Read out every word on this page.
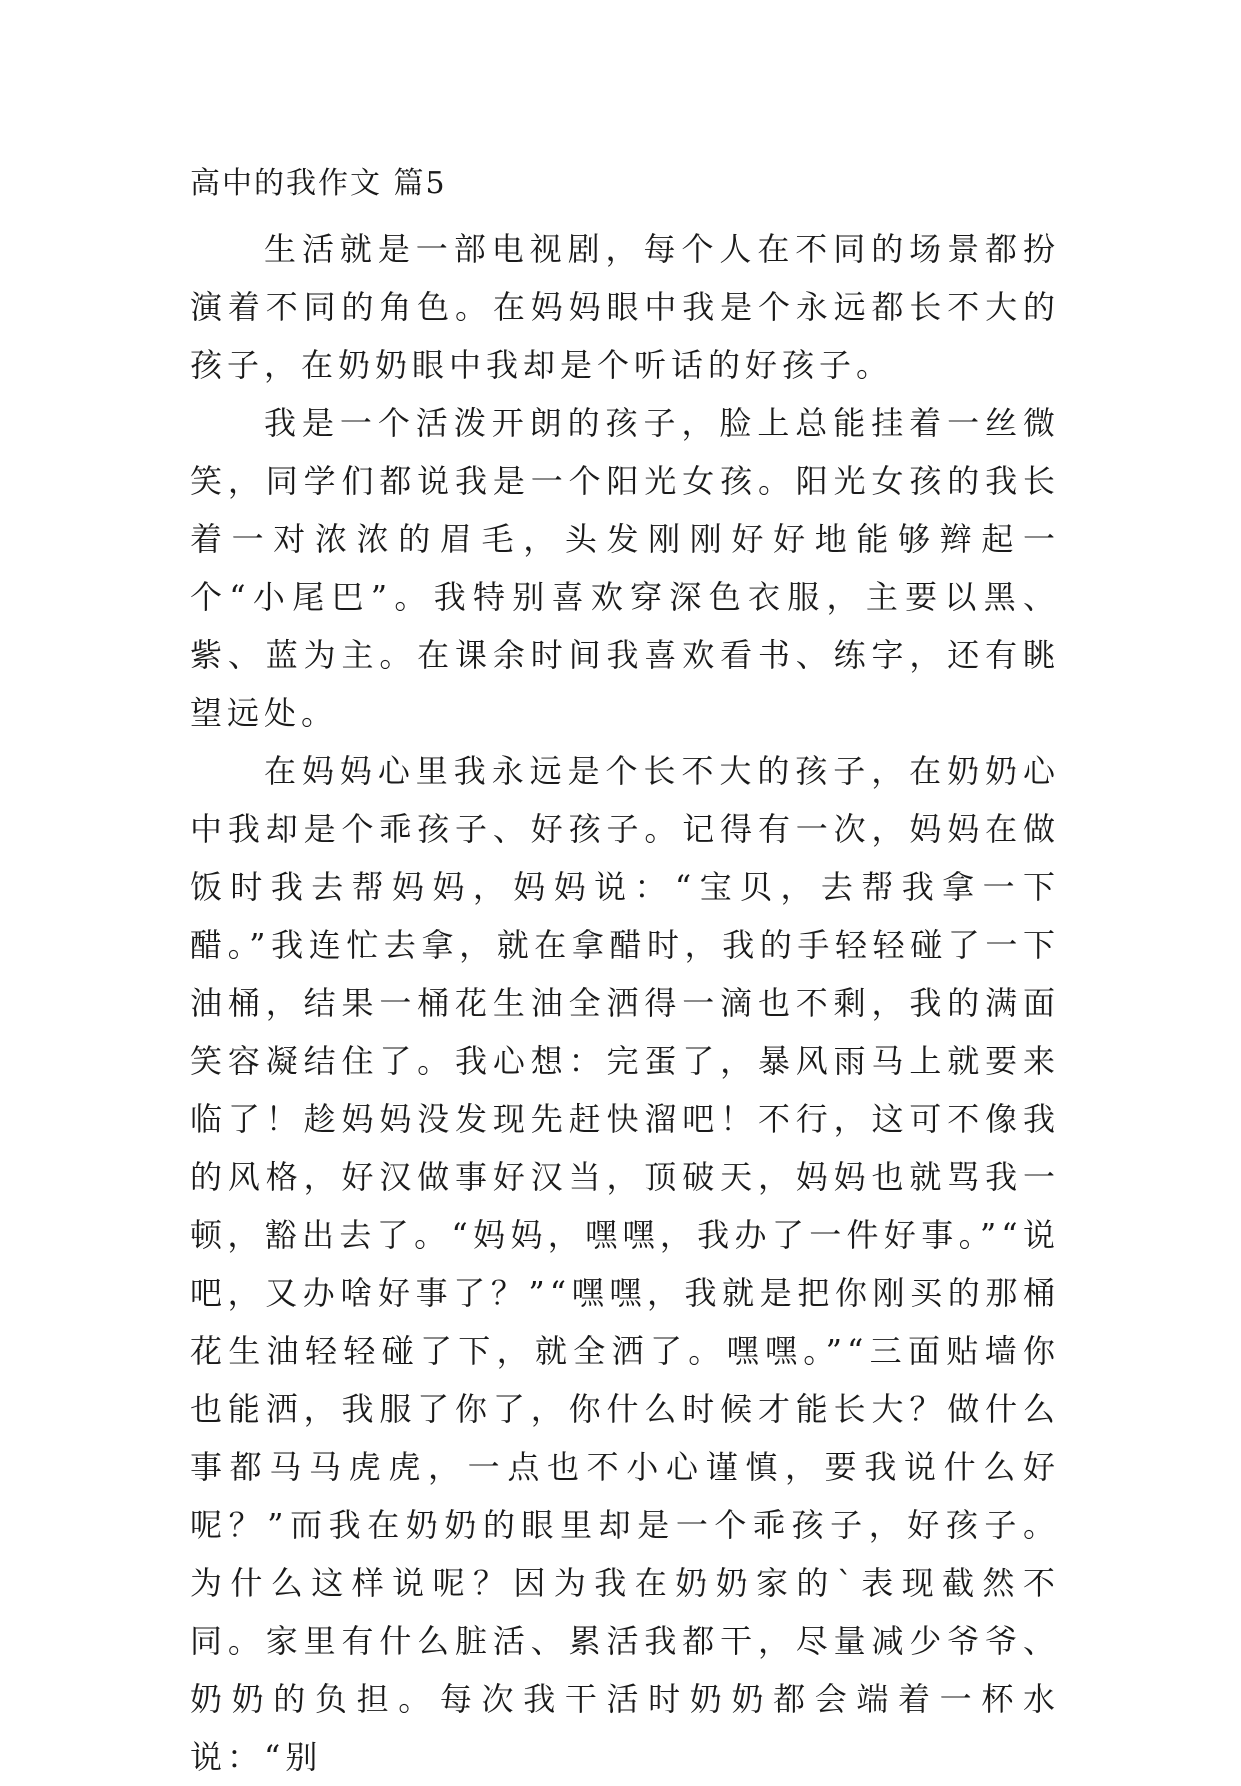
高中的我作文 篇5

生活就是一部电视剧，每个人在不同的场景都扮演着不同的角色。在妈妈眼中我是个永远都长不大的孩子，在奶奶眼中我却是个听话的好孩子。

我是一个活泼开朗的孩子，脸上总能挂着一丝微笑，同学们都说我是一个阳光女孩。阳光女孩的我长着一对浓浓的眉毛，头发刚刚好好地能够辫起一个“小尾巴”。我特别喜欢穿深色衣服，主要以黑、紫、蓝为主。在课余时间我喜欢看书、练字，还有眺望远处。

在妈妈心里我永远是个长不大的孩子，在奶奶心中我却是个乖孩子、好孩子。记得有一次，妈妈在做饭时我去帮妈妈，妈妈说：“宝贝，去帮我拿一下醋。”我连忙去拿，就在拿醋时，我的手轻轻碰了一下油桶，结果一桶花生油全洒得一滴也不剩，我的满面笑容凝结住了。我心想：完蛋了，暴风雨马上就要来临了！趁妈妈没发现先赶快溜吧！不行，这可不像我的风格，好汉做事好汉当，顶破天，妈妈也就骂我一顿，豁出去了。“妈妈，嘿嘿，我办了一件好事。”“说吧，又办啥好事了？”“嘿嘿，我就是把你刚买的那桶花生油轻轻碰了下，就全洒了。嘿嘿。”“三面贴墙你也能洒，我服了你了，你什么时候才能长大？做什么事都马马虎虎，一点也不小心谨慎，要我说什么好呢？”而我在奶奶的眼里却是一个乖孩子，好孩子。为什么这样说呢？因为我在奶奶家的`表现截然不同。家里有什么脏活、累活我都干，尽量减少爷爷、奶奶的负担。每次我干活时奶奶都会端着一杯水说：“别
